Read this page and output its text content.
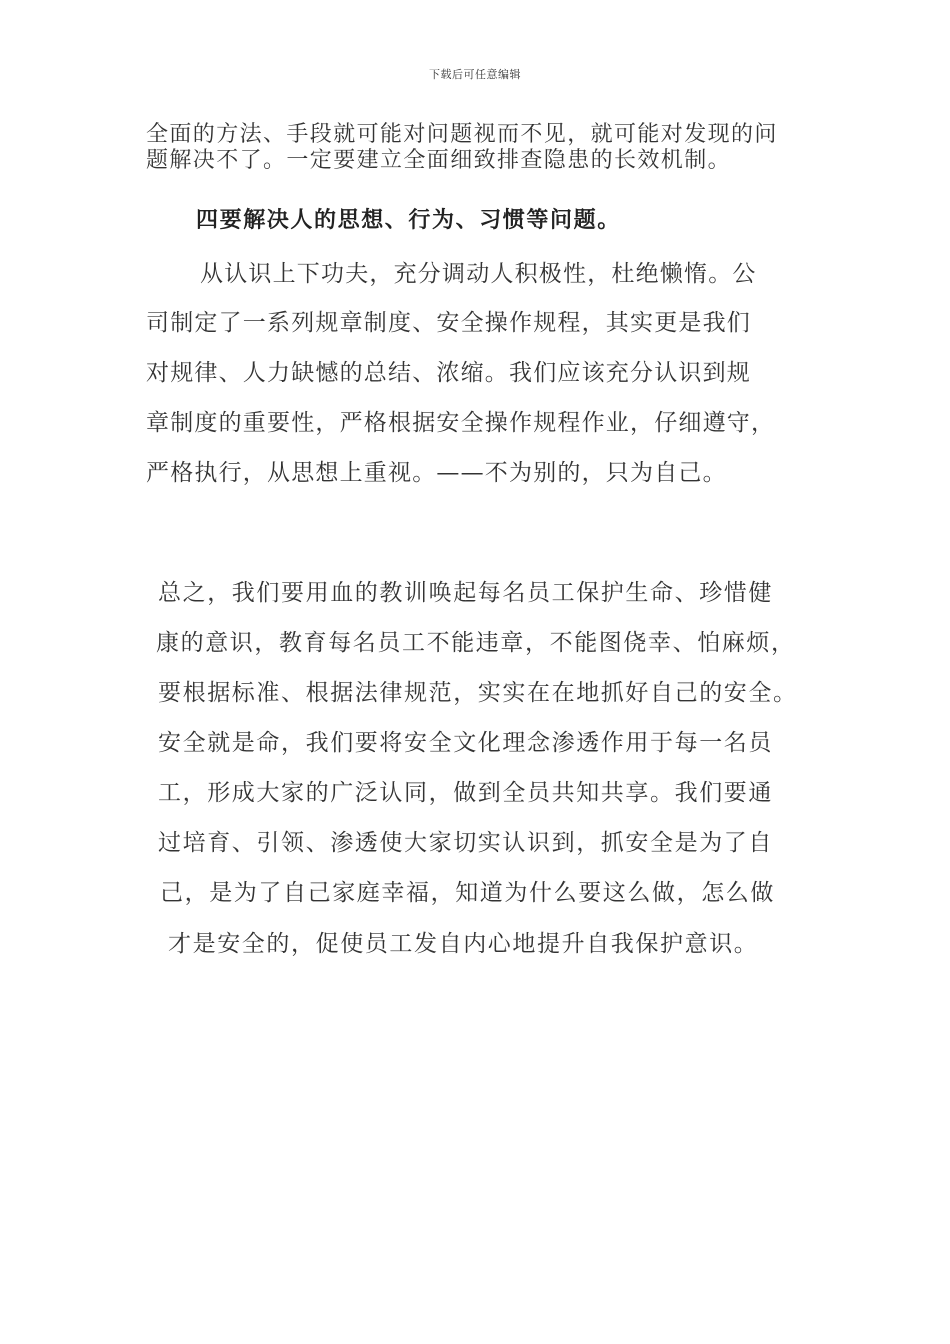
下载后可任意编辑
全面的方法、手段就可能对问题视而不见，就可能对发现的问
题解决不了。一定要建立全面细致排查隐患的长效机制。
四要解决人的思想、行为、习惯等问题。
从认识上下功夫，充分调动人积极性，杜绝懒惰。公
司制定了一系列规章制度、安全操作规程，其实更是我们
对规律、人力缺憾的总结、浓缩。我们应该充分认识到规
章制度的重要性，严格根据安全操作规程作业，仔细遵守，
严格执行，从思想上重视。——不为别的，只为自己。
总之，我们要用血的教训唤起每名员工保护生命、珍惜健
康的意识，教育每名员工不能违章，不能图侥幸、怕麻烦，
要根据标准、根据法律规范，实实在在地抓好自己的安全。
安全就是命，我们要将安全文化理念渗透作用于每一名员
工，形成大家的广泛认同，做到全员共知共享。我们要通
过培育、引领、渗透使大家切实认识到，抓安全是为了自
己，是为了自己家庭幸福，知道为什么要这么做，怎么做
才是安全的，促使员工发自内心地提升自我保护意识。
